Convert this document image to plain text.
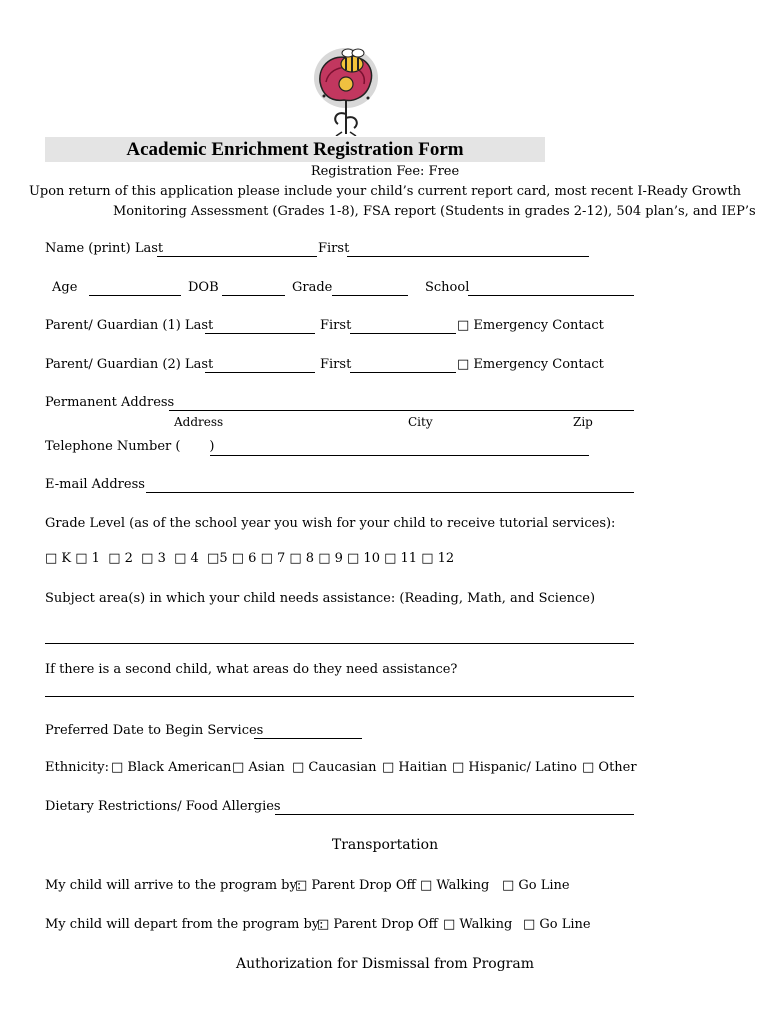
Academic Enrichment Registration Form
Registration Fee: Free
Upon return of this application please include your child’s current report card, most recent I-Ready Growth
Monitoring Assessment (Grades 1-8), FSA report (Students in grades 2-12), 504 plan’s, and IEP’s
Name (print) Last	First
Age	DOB	Grade	School
Parent/ Guardian (1) Last	First	□ Emergency Contact
Parent/ Guardian (2) Last	First	□ Emergency Contact
Permanent Address
Address	City	Zip
Telephone Number (       )
E-mail Address
Grade Level (as of the school year you wish for your child to receive tutorial services):
□ K □ 1  □ 2  □ 3  □ 4  □5 □ 6 □ 7 □ 8 □ 9 □ 10 □ 11 □ 12
Subject area(s) in which your child needs assistance: (Reading, Math, and Science)
If there is a second child, what areas do they need assistance?
Preferred Date to Begin Services
Ethnicity: □ Black American □ Asian □ Caucasian □ Haitian □ Hispanic/ Latino □ Other
Dietary Restrictions/ Food Allergies
Transportation
My child will arrive to the program by:
□ Parent Drop Off □ Walking □ Go Line
My child will depart from the program by:
□ Parent Drop Off □ Walking □ Go Line
Authorization for Dismissal from Program
